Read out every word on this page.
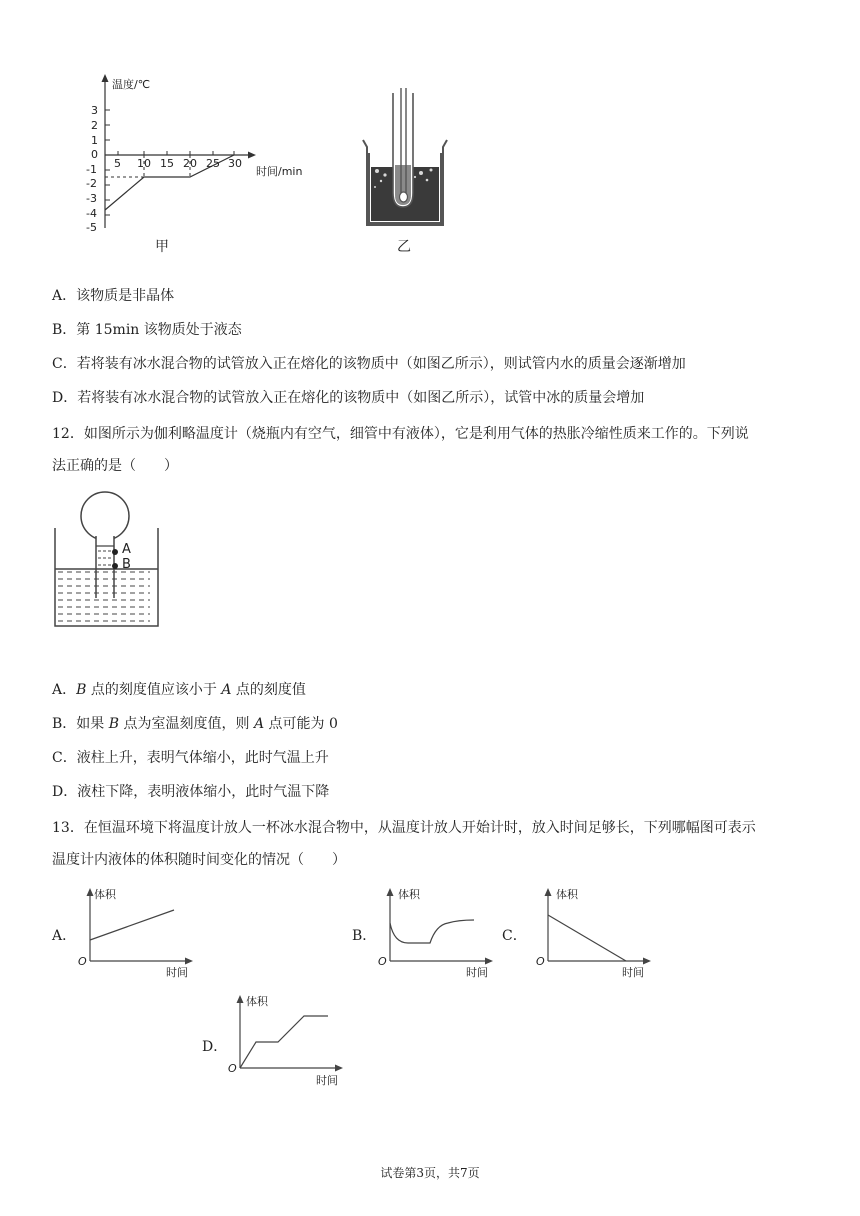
温度/℃
时间/min
3
2
1
0
-1
-2
-3
-4
-5
5 10 15 20 25 30
甲	乙
A．该物质是非晶体
B．第 15min 该物质处于液态
C．若将装有冰水混合物的试管放入正在熔化的该物质中（如图乙所示），则试管内水的质量会逐渐增加
D．若将装有冰水混合物的试管放入正在熔化的该物质中（如图乙所示），试管中冰的质量会增加
12．如图所示为伽利略温度计（烧瓶内有空气，细管中有液体），它是利用气体的热胀冷缩性质来工作的。下列说
法正确的是（　　）
A
B
A．B 点的刻度值应该小于 A 点的刻度值
B．如果 B 点为室温刻度值，则 A 点可能为 0
C．液柱上升，表明气体缩小，此时气温上升
D．液柱下降，表明液体缩小，此时气温下降
13．在恒温环境下将温度计放人一杯冰水混合物中，从温度计放人开始计时，放入时间足够长，下列哪幅图可表示
温度计内液体的体积随时间变化的情况（　　）
A．
体积
时间
O
B．
体积
时间
O
C．
体积
时间
O
D．
体积
时间
O
试卷第3页，共7页
